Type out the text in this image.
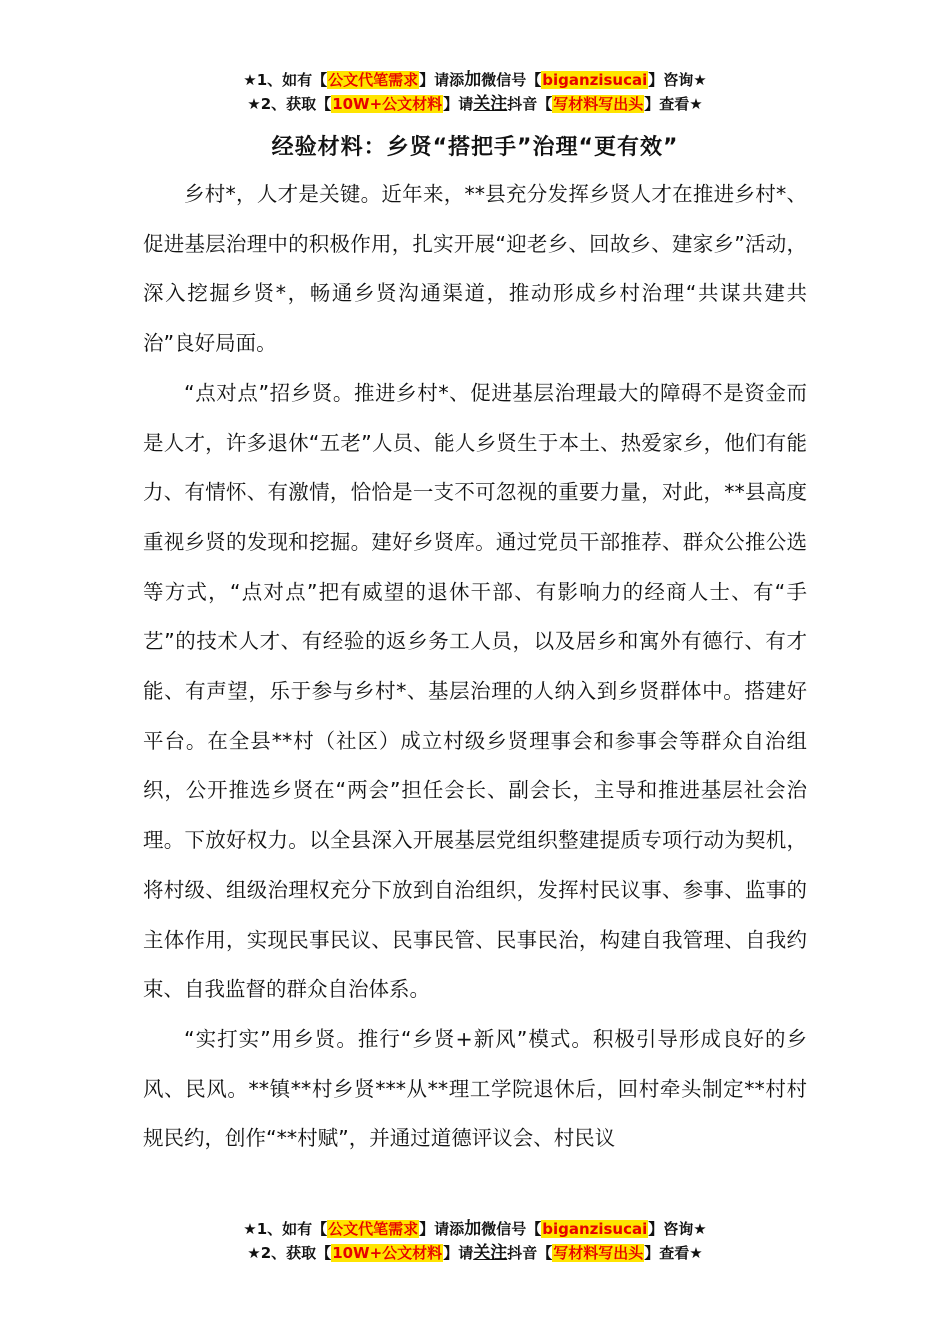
★1、如有【公文代笔需求】请添加微信号【biganzisucai】咨询★
★2、获取【10W+公文材料】请关注抖音【写材料写出头】查看★
经验材料：乡贤“搭把手”治理“更有效”

乡村*，人才是关键。近年来，**县充分发挥乡贤人才在推进乡村*、促进基层治理中的积极作用，扎实开展“迎老乡、回故乡、建家乡”活动，深入挖掘乡贤*，畅通乡贤沟通渠道，推动形成乡村治理“共谋共建共治”良好局面。

“点对点”招乡贤。推进乡村*、促进基层治理最大的障碍不是资金而是人才，许多退休“五老”人员、能人乡贤生于本土、热爱家乡，他们有能力、有情怀、有激情，恰恰是一支不可忽视的重要力量，对此，**县高度重视乡贤的发现和挖掘。建好乡贤库。通过党员干部推荐、群众公推公选等方式，“点对点”把有威望的退休干部、有影响力的经商人士、有“手艺”的技术人才、有经验的返乡务工人员，以及居乡和寓外有德行、有才能、有声望，乐于参与乡村*、基层治理的人纳入到乡贤群体中。搭建好平台。在全县**村（社区）成立村级乡贤理事会和参事会等群众自治组织，公开推选乡贤在“两会”担任会长、副会长，主导和推进基层社会治理。下放好权力。以全县深入开展基层党组织整建提质专项行动为契机，将村级、组级治理权充分下放到自治组织，发挥村民议事、参事、监事的主体作用，实现民事民议、民事民管、民事民治，构建自我管理、自我约束、自我监督的群众自治体系。

“实打实”用乡贤。推行“乡贤+新风”模式。积极引导形成良好的乡风、民风。**镇**村乡贤***从**理工学院退休后，回村牵头制定**村村规民约，创作“**村赋”，并通过道德评议会、村民议

★1、如有【公文代笔需求】请添加微信号【biganzisucai】咨询★
★2、获取【10W+公文材料】请关注抖音【写材料写出头】查看★
